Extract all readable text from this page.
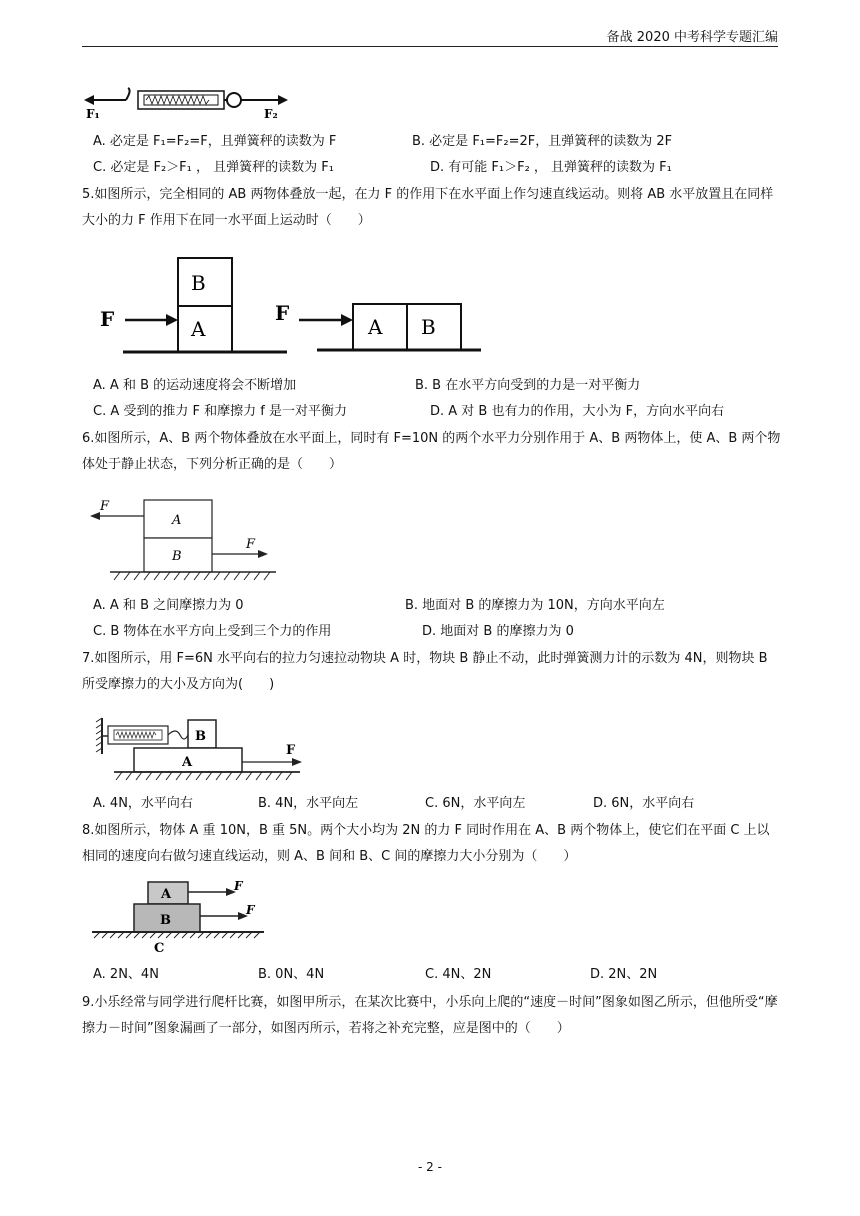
备战 2020 中考科学专题汇编
F₁	F₂
A. 必定是 F₁=F₂=F，且弹簧秤的读数为 F	B. 必定是 F₁=F₂=2F，且弹簧秤的读数为 2F
C. 必定是 F₂＞F₁ ， 且弹簧秤的读数为 F₁	D. 有可能 F₁＞F₂ ， 且弹簧秤的读数为 F₁
5.如图所示，完全相同的 AB 两物体叠放一起，在力 F 的作用下在水平面上作匀速直线运动。则将 AB 水平放置且在同样大小的力 F 作用下在同一水平面上运动时（　　）
F
B
A
F
A B
A. A 和 B 的运动速度将会不断增加	B. B 在水平方向受到的力是一对平衡力
C. A 受到的推力 F 和摩擦力 f 是一对平衡力	D. A 对 B 也有力的作用，大小为 F，方向水平向右
6.如图所示，A、B 两个物体叠放在水平面上，同时有 F=10N 的两个水平力分别作用于 A、B 两物体上，使 A、B 两个物体处于静止状态，下列分析正确的是（　　）
F
F
A
B
A. A 和 B 之间摩擦力为 0	B. 地面对 B 的摩擦力为 10N，方向水平向左
C. B 物体在水平方向上受到三个力的作用	D. 地面对 B 的摩擦力为 0
7.如图所示，用 F=6N 水平向右的拉力匀速拉动物块 A 时，物块 B 静止不动，此时弹簧测力计的示数为 4N，则物块 B 所受摩擦力的大小及方向为(　　)
F
B
A
A. 4N，水平向右	B. 4N，水平向左	C. 6N，水平向左	D. 6N，水平向右
8.如图所示，物体 A 重 10N，B 重 5N。两个大小均为 2N 的力 F 同时作用在 A、B 两个物体上，使它们在平面 C 上以相同的速度向右做匀速直线运动，则 A、B 间和 B、C 间的摩擦力大小分别为（　　）
F
F
A
B
C
A. 2N、4N	B. 0N、4N	C. 4N、2N	D. 2N、2N
9.小乐经常与同学进行爬杆比赛，如图甲所示，在某次比赛中，小乐向上爬的“速度－时间”图象如图乙所示，但他所受“摩擦力－时间”图象漏画了一部分，如图丙所示，若将之补充完整，应是图中的（　　）
- 2 -
